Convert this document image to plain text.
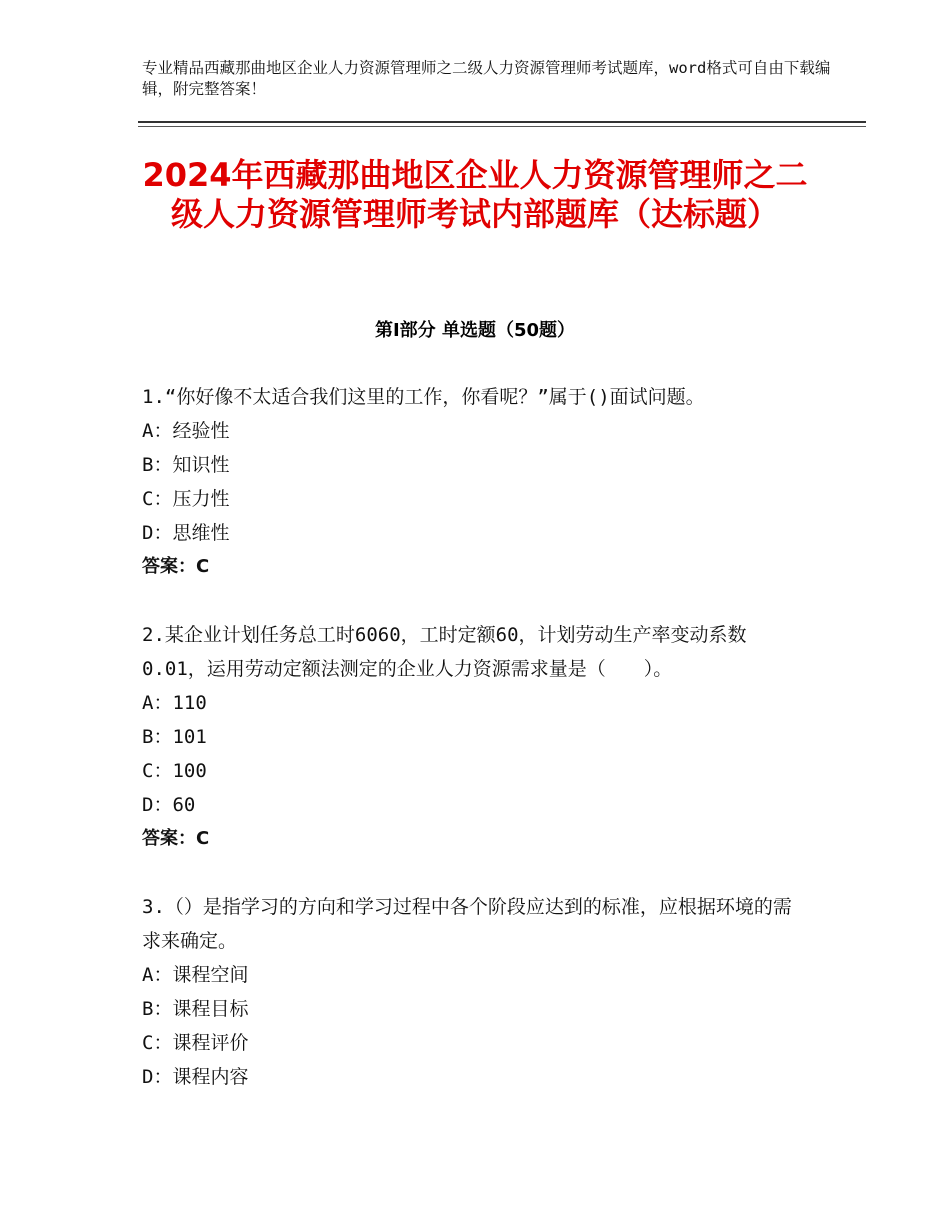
专业精品西藏那曲地区企业人力资源管理师之二级人力资源管理师考试题库，word格式可自由下载编辑，附完整答案！
2024年西藏那曲地区企业人力资源管理师之二级人力资源管理师考试内部题库（达标题）
第Ⅰ部分 单选题（50题）
1.“你好像不太适合我们这里的工作，你看呢？”属于()面试问题。
A：经验性
B：知识性
C：压力性
D：思维性
答案：C
2.某企业计划任务总工时6060，工时定额60，计划劳动生产率变动系数0.01，运用劳动定额法测定的企业人力资源需求量是（　　）。
A：110
B：101
C：100
D：60
答案：C
3.（）是指学习的方向和学习过程中各个阶段应达到的标准，应根据环境的需求来确定。
A：课程空间
B：课程目标
C：课程评价
D：课程内容
